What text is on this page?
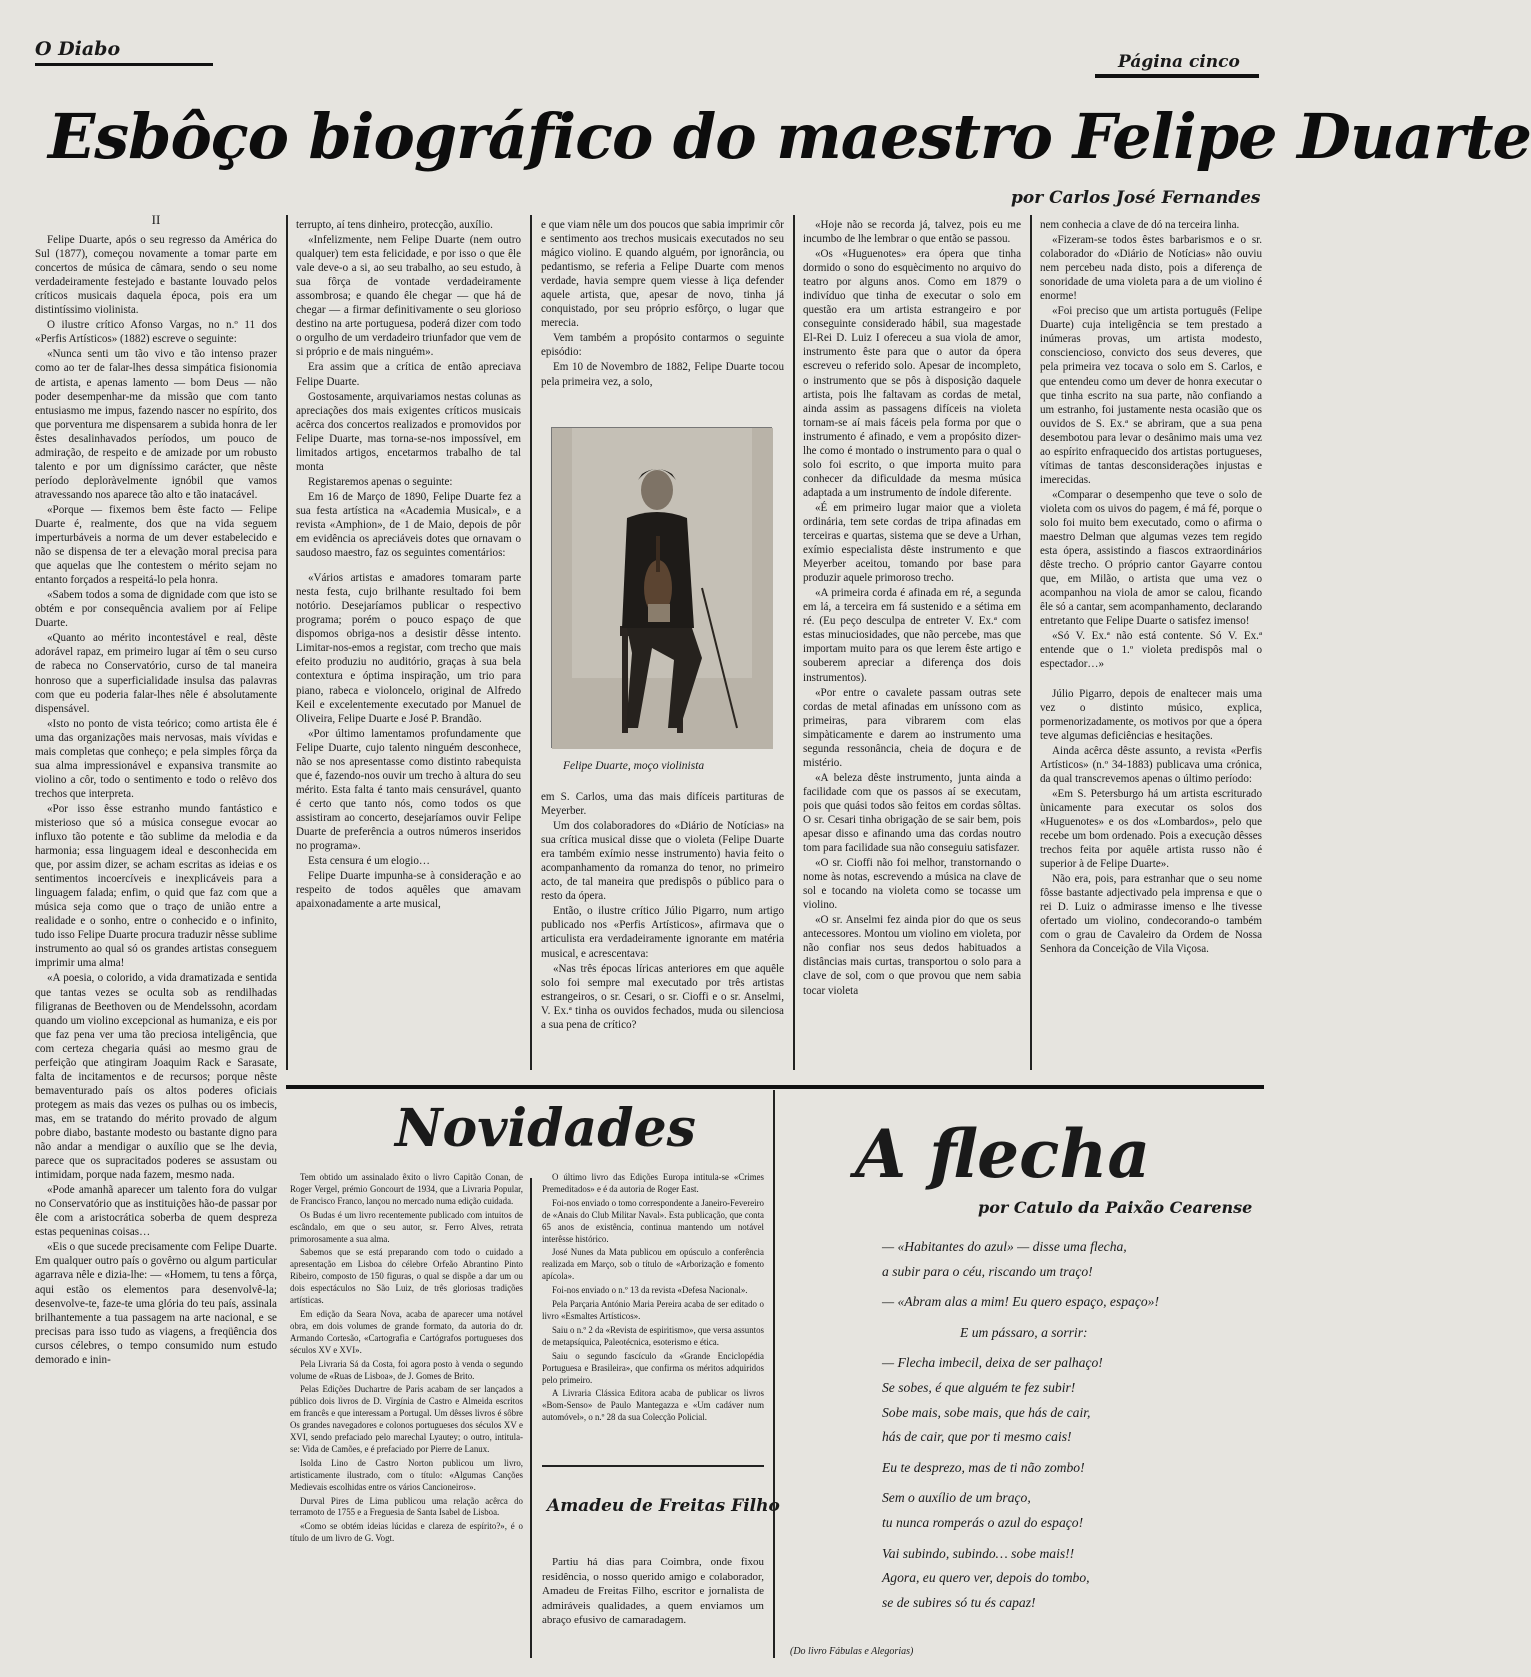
O Diabo
Página cinco
Esbôço biográfico do maestro Felipe Duarte
por Carlos José Fernandes

II

Felipe Duarte, após o seu regresso da América do Sul (1877), começou novamente a tomar parte em concertos de música de câmara, sendo o seu nome verdadeiramente festejado e bastante louvado pelos críticos musicais daquela época, pois era um distintíssimo violinista.

O ilustre crítico Afonso Vargas, no n.º 11 dos «Perfis Artísticos» (1882) escreve o seguinte:

«Nunca senti um tão vivo e tão intenso prazer como ao ter de falar-lhes dessa simpática fisionomia de artista, e apenas lamento — bom Deus — não poder desempenhar-me da missão que com tanto entusiasmo me impus, fazendo nascer no espírito, dos que porventura me dispensarem a subida honra de ler êstes desalinhavados períodos, um pouco de admiração, de respeito e de amizade por um robusto talento e por um digníssimo carácter, que nêste período deploràvelmente ignóbil que vamos atravessando nos aparece tão alto e tão inatacável.

«Porque — fixemos bem êste facto — Felipe Duarte é, realmente, dos que na vida seguem imperturbáveis a norma de um dever estabelecido e não se dispensa de ter a elevação moral precisa para que aquelas que lhe contestem o mérito sejam no entanto forçados a respeitá-lo pela honra.

«Sabem todos a soma de dignidade com que isto se obtém e por consequência avaliem por aí Felipe Duarte.

«Quanto ao mérito incontestável e real, dêste adorável rapaz, em primeiro lugar aí têm o seu curso de rabeca no Conservatório, curso de tal maneira honroso que a superficialidade insulsa das palavras com que eu poderia falar-lhes nêle é absolutamente dispensável.

«Isto no ponto de vista teórico; como artista êle é uma das organizações mais nervosas, mais vívidas e mais completas que conheço; e pela simples fôrça da sua alma impressionável e expansiva transmite ao violino a côr, todo o sentimento e todo o relêvo dos trechos que interpreta.

«Por isso êsse estranho mundo fantástico e misterioso que só a música consegue evocar ao influxo tão potente e tão sublime da melodia e da harmonia; essa linguagem ideal e desconhecida em que, por assim dizer, se acham escritas as ideias e os sentimentos incoercíveis e inexplicáveis para a linguagem falada; enfim, o quid que faz com que a música seja como que o traço de união entre a realidade e o sonho, entre o conhecido e o infinito, tudo isso Felipe Duarte procura traduzir nêsse sublime instrumento ao qual só os grandes artistas conseguem imprimir uma alma!

«A poesia, o colorido, a vida dramatizada e sentida que tantas vezes se oculta sob as rendilhadas filigranas de Beethoven ou de Mendelssohn, acordam quando um violino excepcional as humaniza, e eis por que faz pena ver uma tão preciosa inteligência, que com certeza chegaria quási ao mesmo grau de perfeição que atingiram Joaquim Rack e Sarasate, falta de incitamentos e de recursos; porque nêste bemaventurado país os altos poderes oficiais protegem as mais das vezes os pulhas ou os imbecis, mas, em se tratando do mérito provado de algum pobre diabo, bastante modesto ou bastante digno para não andar a mendigar o auxílio que se lhe devia, parece que os supracitados poderes se assustam ou intimidam, porque nada fazem, mesmo nada.

«Pode amanhã aparecer um talento fora do vulgar no Conservatório que as instituições hão-de passar por êle com a aristocrática soberba de quem despreza estas pequeninas coisas…

«Eis o que sucede precisamente com Felipe Duarte. Em qualquer outro país o govêrno ou algum particular agarrava nêle e dizia-lhe: — «Homem, tu tens a fôrça, aqui estão os elementos para desenvolvê-la; desenvolve-te, faze-te uma glória do teu país, assinala brilhantemente a tua passagem na arte nacional, e se precisas para isso tudo as viagens, a freqüência dos cursos célebres, o tempo consumido num estudo demorado e inin-

terrupto, aí tens dinheiro, protecção, auxílio.

«Infelizmente, nem Felipe Duarte (nem outro qualquer) tem esta felicidade, e por isso o que êle vale deve-o a si, ao seu trabalho, ao seu estudo, à sua fôrça de vontade verdadeiramente assombrosa; e quando êle chegar — que há de chegar — a firmar definitivamente o seu glorioso destino na arte portuguesa, poderá dizer com todo o orgulho de um verdadeiro triunfador que vem de si próprio e de mais ninguém».

Era assim que a crítica de então apreciava Felipe Duarte.

Gostosamente, arquivariamos nestas colunas as apreciações dos mais exigentes críticos musicais acêrca dos concertos realizados e promovidos por Felipe Duarte, mas torna-se-nos impossível, em limitados artigos, encetarmos trabalho de tal monta

Registaremos apenas o seguinte:

Em 16 de Março de 1890, Felipe Duarte fez a sua festa artística na «Academia Musical», e a revista «Amphion», de 1 de Maio, depois de pôr em evidência os apreciáveis dotes que ornavam o saudoso maestro, faz os seguintes comentários:

«Vários artistas e amadores tomaram parte nesta festa, cujo brilhante resultado foi bem notório. Desejaríamos publicar o respectivo programa; porém o pouco espaço de que dispomos obriga-nos a desistir dêsse intento. Limitar-nos-emos a registar, com trecho que mais efeito produziu no auditório, graças à sua bela contextura e óptima inspiração, um trio para piano, rabeca e violoncelo, original de Alfredo Keil e excelentemente executado por Manuel de Oliveira, Felipe Duarte e José P. Brandão.

«Por último lamentamos profundamente que Felipe Duarte, cujo talento ninguém desconhece, não se nos apresentasse como distinto rabequista que é, fazendo-nos ouvir um trecho à altura do seu mérito. Esta falta é tanto mais censurável, quanto é certo que tanto nós, como todos os que assistiram ao concerto, desejaríamos ouvir Felipe Duarte de preferência a outros números inseridos no programa».

Esta censura é um elogio…

Felipe Duarte impunha-se à consideração e ao respeito de todos aquêles que amavam apaixonadamente a arte musical,

e que viam nêle um dos poucos que sabia imprimir côr e sentimento aos trechos musicais executados no seu mágico violino. E quando alguém, por ignorância, ou pedantismo, se referia a Felipe Duarte com menos verdade, havia sempre quem viesse à liça defender aquele artista, que, apesar de novo, tinha já conquistado, por seu próprio esfôrço, o lugar que merecia.

Vem também a propósito contarmos o seguinte episódio:

Em 10 de Novembro de 1882, Felipe Duarte tocou pela primeira vez, a solo,

Felipe Duarte, moço violinista

em S. Carlos, uma das mais difíceis partituras de Meyerber.

Um dos colaboradores do «Diário de Notícias» na sua crítica musical disse que o violeta (Felipe Duarte era também exímio nesse instrumento) havia feito o acompanhamento da romanza do tenor, no primeiro acto, de tal maneira que predispôs o público para o resto da ópera.

Então, o ilustre crítico Júlio Pigarro, num artigo publicado nos «Perfis Artísticos», afirmava que o articulista era verdadeiramente ignorante em matéria musical, e acrescentava:

«Nas três épocas líricas anteriores em que aquêle solo foi sempre mal executado por três artistas estrangeiros, o sr. Cesari, o sr. Cioffi e o sr. Anselmi, V. Ex.ª tinha os ouvidos fechados, muda ou silenciosa a sua pena de crítico?

«Hoje não se recorda já, talvez, pois eu me incumbo de lhe lembrar o que então se passou.

«Os «Huguenotes» era ópera que tinha dormido o sono do esquècimento no arquivo do teatro por alguns anos. Como em 1879 o indivíduo que tinha de executar o solo em questão era um artista estrangeiro e por conseguinte considerado hábil, sua magestade El-Rei D. Luiz I ofereceu a sua viola de amor, instrumento êste para que o autor da ópera escreveu o referido solo. Apesar de incompleto, o instrumento que se pôs à disposição daquele artista, pois lhe faltavam as cordas de metal, ainda assim as passagens difíceis na violeta tornam-se aí mais fáceis pela forma por que o instrumento é afinado, e vem a propósito dizer-lhe como é montado o instrumento para o qual o solo foi escrito, o que importa muito para conhecer da dificuldade da mesma música adaptada a um instrumento de índole diferente.

«É em primeiro lugar maior que a violeta ordinária, tem sete cordas de tripa afinadas em terceiras e quartas, sistema que se deve a Urhan, exímio especialista dêste instrumento e que Meyerber aceitou, tomando por base para produzir aquele primoroso trecho.

«A primeira corda é afinada em ré, a segunda em lá, a terceira em fá sustenido e a sétima em ré. (Eu peço desculpa de entreter V. Ex.ª com estas minuciosidades, que não percebe, mas que importam muito para os que lerem êste artigo e souberem apreciar a diferença dos dois instrumentos).

«Por entre o cavalete passam outras sete cordas de metal afinadas em uníssono com as primeiras, para vibrarem com elas simpàticamente e darem ao instrumento uma segunda ressonância, cheia de doçura e de mistério.

«A beleza dêste instrumento, junta ainda a facilidade com que os passos aí se executam, pois que quási todos são feitos em cordas sôltas. O sr. Cesari tinha obrigação de se sair bem, pois apesar disso e afinando uma das cordas noutro tom para facilidade sua não conseguiu satisfazer.

«O sr. Cioffi não foi melhor, transtornando o nome às notas, escrevendo a música na clave de sol e tocando na violeta como se tocasse um violino.

«O sr. Anselmi fez ainda pior do que os seus antecessores. Montou um violino em violeta, por não confiar nos seus dedos habituados a distâncias mais curtas, transportou o solo para a clave de sol, com o que provou que nem sabia tocar violeta

nem conhecia a clave de dó na terceira linha.

«Fizeram-se todos êstes barbarismos e o sr. colaborador do «Diário de Notícias» não ouviu nem percebeu nada disto, pois a diferença de sonoridade de uma violeta para a de um violino é enorme!

«Foi preciso que um artista português (Felipe Duarte) cuja inteligência se tem prestado a inúmeras provas, um artista modesto, consciencioso, convicto dos seus deveres, que pela primeira vez tocava o solo em S. Carlos, e que entendeu como um dever de honra executar o que tinha escrito na sua parte, não confiando a um estranho, foi justamente nesta ocasião que os ouvidos de S. Ex.ª se abriram, que a sua pena desembotou para levar o desânimo mais uma vez ao espírito enfraquecido dos artistas portugueses, vítimas de tantas desconsiderações injustas e imerecidas.

«Comparar o desempenho que teve o solo de violeta com os uivos do pagem, é má fé, porque o solo foi muito bem executado, como o afirma o maestro Delman que algumas vezes tem regido esta ópera, assistindo a fiascos extraordinários dêste trecho. O próprio cantor Gayarre contou que, em Milão, o artista que uma vez o acompanhou na viola de amor se calou, ficando êle só a cantar, sem acompanhamento, declarando entretanto que Felipe Duarte o satisfez imenso!

«Só V. Ex.ª não está contente. Só V. Ex.ª entende que o 1.º violeta predispôs mal o espectador…»

Júlio Pigarro, depois de enaltecer mais uma vez o distinto músico, explica, pormenorizadamente, os motivos por que a ópera teve algumas deficiências e hesitações.

Ainda acêrca dêste assunto, a revista «Perfis Artísticos» (n.º 34-1883) publicava uma crónica, da qual transcrevemos apenas o último período:

«Em S. Petersburgo há um artista escriturado ùnicamente para executar os solos dos «Huguenotes» e os dos «Lombardos», pelo que recebe um bom ordenado. Pois a execução dêsses trechos feita por aquêle artista russo não é superior à de Felipe Duarte».

Não era, pois, para estranhar que o seu nome fôsse bastante adjectivado pela imprensa e que o rei D. Luiz o admirasse imenso e lhe tivesse ofertado um violino, condecorando-o também com o grau de Cavaleiro da Ordem de Nossa Senhora da Conceição de Vila Viçosa.

Novidades

Tem obtido um assinalado êxito o livro Capitão Conan, de Roger Vergel, prémio Goncourt de 1934, que a Livraria Popular, de Francisco Franco, lançou no mercado numa edição cuidada.

Os Budas é um livro recentemente publicado com intuitos de escândalo, em que o seu autor, sr. Ferro Alves, retrata primorosamente a sua alma.

Sabemos que se está preparando com todo o cuidado a apresentação em Lisboa do célebre Orfeão Abrantino Pinto Ribeiro, composto de 150 figuras, o qual se dispõe a dar um ou dois espectáculos no São Luiz, de três gloriosas tradições artísticas.

Em edição da Seara Nova, acaba de aparecer uma notável obra, em dois volumes de grande formato, da autoria do dr. Armando Cortesão, «Cartografia e Cartógrafos portugueses dos séculos XV e XVI».

Pela Livraria Sá da Costa, foi agora posto à venda o segundo volume de «Ruas de Lisboa», de J. Gomes de Brito.

Pelas Edições Duchartre de Paris acabam de ser lançados a público dois livros de D. Virgínia de Castro e Almeida escritos em francês e que interessam a Portugal. Um dêsses livros é sôbre Os grandes navegadores e colonos portugueses dos séculos XV e XVI, sendo prefaciado pelo marechal Lyautey; o outro, intitula-se: Vida de Camões, e é prefaciado por Pierre de Lanux.

Isolda Lino de Castro Norton publicou um livro, artisticamente ilustrado, com o título: «Algumas Canções Medievais escolhidas entre os vários Cancioneiros».

Durval Pires de Lima publicou uma relação acêrca do terramoto de 1755 e a Freguesia de Santa Isabel de Lisboa.

«Como se obtém ideias lúcidas e clareza de espírito?», é o título de um livro de G. Vogt.

O último livro das Edições Europa intitula-se «Crimes Premeditados» e é da autoria de Roger East.

Foi-nos enviado o tomo correspondente a Janeiro-Fevereiro de «Anais do Club Militar Naval». Esta publicação, que conta 65 anos de existência, continua mantendo um notável interêsse histórico.

José Nunes da Mata publicou em opúsculo a conferência realizada em Março, sob o título de «Arborização e fomento apícola».

Foi-nos enviado o n.º 13 da revista «Defesa Nacional».

Pela Parçaria António Maria Pereira acaba de ser editado o livro «Esmaltes Artísticos».

Saiu o n.º 2 da «Revista de espiritismo», que versa assuntos de metapsíquica, Paleotécnica, esoterismo e ética.

Saiu o segundo fascículo da «Grande Enciclopédia Portuguesa e Brasileira», que confirma os méritos adquiridos pelo primeiro.

A Livraria Clássica Editora acaba de publicar os livros «Bom-Senso» de Paulo Mantegazza e «Um cadáver num automóvel», o n.º 28 da sua Colecção Policial.

Amadeu de Freitas Filho

Partiu há dias para Coimbra, onde fixou residência, o nosso querido amigo e colaborador, Amadeu de Freitas Filho, escritor e jornalista de admiráveis qualidades, a quem enviamos um abraço efusivo de camaradagem.

A flecha
por Catulo da Paixão Cearense
— «Habitantes do azul» — disse uma flecha,
a subir para o céu, riscando um traço!
— «Abram alas a mim! Eu quero espaço, espaço»!
E um pássaro, a sorrir:
— Flecha imbecil, deixa de ser palhaço!
Se sobes, é que alguém te fez subir!
Sobe mais, sobe mais, que hás de cair,
hás de cair, que por ti mesmo cais!
Eu te desprezo, mas de ti não zombo!
Sem o auxílio de um braço,
tu nunca romperás o azul do espaço!
Vai subindo, subindo… sobe mais!!
Agora, eu quero ver, depois do tombo,
se de subires só tu és capaz!
(Do livro Fábulas e Alegorias)
